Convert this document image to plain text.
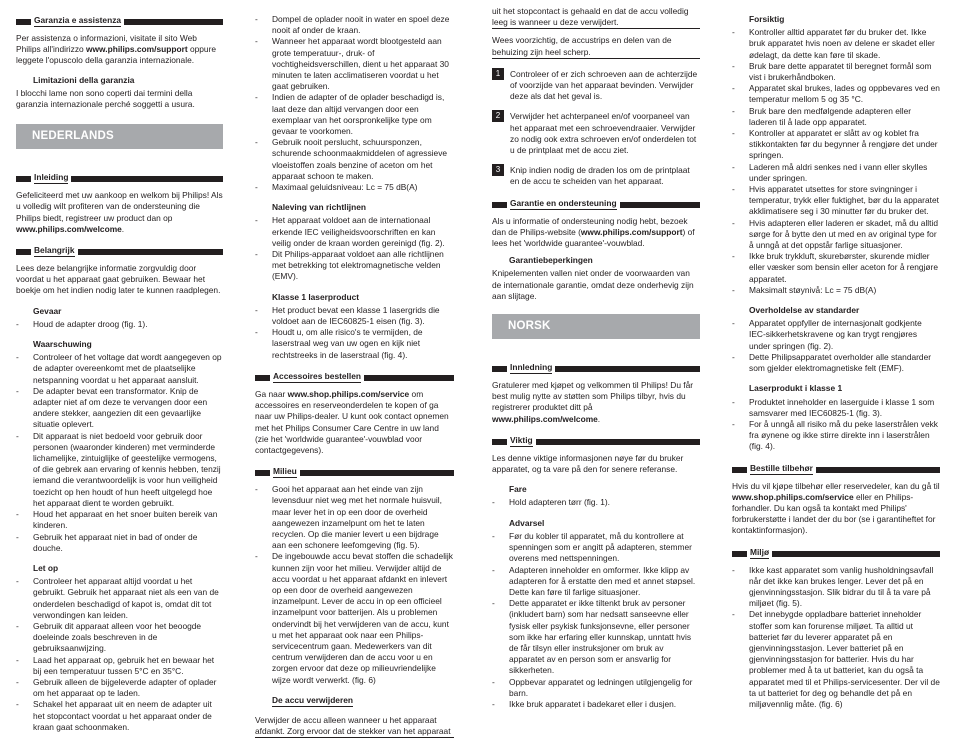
Garanzia e assistenza

Per assistenza o informazioni, visitate il sito Web Philips all'indirizzo www.philips.com/support oppure leggete l'opuscolo della garanzia internazionale.

Limitazioni della garanzia

I blocchi lame non sono coperti dai termini della garanzia internazionale perché soggetti a usura.

NEDERLANDS
Inleiding

Gefeliciteerd met uw aankoop en welkom bij Philips! Als u volledig wilt profiteren van de ondersteuning die Philips biedt, registreer uw product dan op www.philips.com/welcome.

Belangrijk

Lees deze belangrijke informatie zorgvuldig door voordat u het apparaat gaat gebruiken. Bewaar het boekje om het indien nodig later te kunnen raadplegen.

Gevaar
- Houd de adapter droog (fig. 1).
Waarschuwing
- Controleer of het voltage dat wordt aangegeven op de adapter overeenkomt met de plaatselijke netspanning voordat u het apparaat aansluit.
- De adapter bevat een transformator. Knip de adapter niet af om deze te vervangen door een andere stekker, aangezien dit een gevaarlijke situatie oplevert.
- Dit apparaat is niet bedoeld voor gebruik door personen (waaronder kinderen) met verminderde lichamelijke, zintuiglijke of geestelijke vermogens, of die gebrek aan ervaring of kennis hebben, tenzij iemand die verantwoordelijk is voor hun veiligheid toezicht op hen houdt of hun heeft uitgelegd hoe het apparaat dient te worden gebruikt.
- Houd het apparaat en het snoer buiten bereik van kinderen.
- Gebruik het apparaat niet in bad of onder de douche.
Let op
- Controleer het apparaat altijd voordat u het gebruikt. Gebruik het apparaat niet als een van de onderdelen beschadigd of kapot is, omdat dit tot verwondingen kan leiden.
- Gebruik dit apparaat alleen voor het beoogde doeleinde zoals beschreven in de gebruiksaanwijzing.
- Laad het apparaat op, gebruik het en bewaar het bij een temperatuur tussen 5°C en 35°C.
- Gebruik alleen de bijgeleverde adapter of oplader om het apparaat op te laden.
- Schakel het apparaat uit en neem de adapter uit het stopcontact voordat u het apparaat onder de kraan gaat schoonmaken.
- Dompel de oplader nooit in water en spoel deze nooit af onder de kraan.
- Wanneer het apparaat wordt blootgesteld aan grote temperatuur-, druk- of vochtigheidsverschillen, dient u het apparaat 30 minuten te laten acclimatiseren voordat u het gaat gebruiken.
- Indien de adapter of de oplader beschadigd is, laat deze dan altijd vervangen door een exemplaar van het oorspronkelijke type om gevaar te voorkomen.
- Gebruik nooit perslucht, schuursponzen, schurende schoonmaakmiddelen of agressieve vloeistoffen zoals benzine of aceton om het apparaat schoon te maken.
- Maximaal geluidsniveau: Lc = 75 dB(A)
Naleving van richtlijnen
- Het apparaat voldoet aan de internationaal erkende IEC veiligheidsvoorschriften en kan veilig onder de kraan worden gereinigd (fig. 2).
- Dit Philips-apparaat voldoet aan alle richtlijnen met betrekking tot elektromagnetische velden (EMV).
Klasse 1 laserproduct
- Het product bevat een klasse 1 lasergrids die voldoet aan de IEC60825-1 eisen (fig. 3).
- Houdt u, om alle risico's te vermijden, de laserstraal weg van uw ogen en kijk niet rechtstreeks in de laserstraal (fig. 4).
Accessoires bestellen

Ga naar www.shop.philips.com/service om accessoires en reserveonderdelen te kopen of ga naar uw Philips-dealer. U kunt ook contact opnemen met het Philips Consumer Care Centre in uw land (zie het 'worldwide guarantee'-vouwblad voor contactgegevens).

Milieu
- Gooi het apparaat aan het einde van zijn levensduur niet weg met het normale huisvuil, maar lever het in op een door de overheid aangewezen inzamelpunt om het te laten recyclen. Op die manier levert u een bijdrage aan een schonere leefomgeving (fig. 5).
- De ingebouwde accu bevat stoffen die schadelijk kunnen zijn voor het milieu. Verwijder altijd de accu voordat u het apparaat afdankt en inlevert op een door de overheid aangewezen inzamelpunt. Lever de accu in op een officieel inzamelpunt voor batterijen. Als u problemen ondervindt bij het verwijderen van de accu, kunt u met het apparaat ook naar een Philips-servicecentrum gaan. Medewerkers van dit centrum verwijderen dan de accu voor u en zorgen ervoor dat deze op milieuvriendelijke wijze wordt verwerkt. (fig. 6)
De accu verwijderen

Verwijder de accu alleen wanneer u het apparaat afdankt. Zorg ervoor dat de stekker van het apparaat

uit het stopcontact is gehaald en dat de accu volledig leeg is wanneer u deze verwijdert.

Wees voorzichtig, de accustrips en delen van de behuizing zijn heel scherp.

1	Controleer of er zich schroeven aan de achterzijde of voorzijde van het apparaat bevinden. Verwijder deze als dat het geval is.
2	Verwijder het achterpaneel en/of voorpaneel van het apparaat met een schroevendraaier. Verwijder zo nodig ook extra schroeven en/of onderdelen tot u de printplaat met de accu ziet.
3	Knip indien nodig de draden los om de printplaat en de accu te scheiden van het apparaat.
Garantie en ondersteuning

Als u informatie of ondersteuning nodig hebt, bezoek dan de Philips-website (www.philips.com/support) of lees het 'worldwide guarantee'-vouwblad.

Garantiebeperkingen

Knipelementen vallen niet onder de voorwaarden van de internationale garantie, omdat deze onderhevig zijn aan slijtage.

NORSK
Innledning

Gratulerer med kjøpet og velkommen til Philips! Du får best mulig nytte av støtten som Philips tilbyr, hvis du registrerer produktet ditt på www.philips.com/welcome.

Viktig

Les denne viktige informasjonen nøye før du bruker apparatet, og ta vare på den for senere referanse.

Fare
- Hold adapteren tørr (fig. 1).
Advarsel
- Før du kobler til apparatet, må du kontrollere at spenningen som er angitt på adapteren, stemmer overens med nettspenningen.
- Adapteren inneholder en omformer. Ikke klipp av adapteren for å erstatte den med et annet støpsel. Dette kan føre til farlige situasjoner.
- Dette apparatet er ikke tiltenkt bruk av personer (inkludert barn) som har nedsatt sanseevne eller fysisk eller psykisk funksjonsevne, eller personer som ikke har erfaring eller kunnskap, unntatt hvis de får tilsyn eller instruksjoner om bruk av apparatet av en person som er ansvarlig for sikkerheten.
- Oppbevar apparatet og ledningen utilgjengelig for barn.
- Ikke bruk apparatet i badekaret eller i dusjen.
Forsiktig
- Kontroller alltid apparatet før du bruker det. Ikke bruk apparatet hvis noen av delene er skadet eller ødelagt, da dette kan føre til skade.
- Bruk bare dette apparatet til beregnet formål som vist i brukerhåndboken.
- Apparatet skal brukes, lades og oppbevares ved en temperatur mellom 5 og 35 °C.
- Bruk bare den medfølgende adapteren eller laderen til å lade opp apparatet.
- Kontroller at apparatet er slått av og koblet fra stikkontakten før du begynner å rengjøre det under springen.
- Laderen må aldri senkes ned i vann eller skylles under springen.
- Hvis apparatet utsettes for store svingninger i temperatur, trykk eller fuktighet, bør du la apparatet akklimatisere seg i 30 minutter før du bruker det.
- Hvis adapteren eller laderen er skadet, må du alltid sørge for å bytte den ut med en av original type for å unngå at det oppstår farlige situasjoner.
- Ikke bruk trykkluft, skurebørster, skurende midler eller væsker som bensin eller aceton for å rengjøre apparatet.
- Maksimalt støynivå: Lc = 75 dB(A)
Overholdelse av standarder
- Apparatet oppfyller de internasjonalt godkjente IEC-sikkerhetskravene og kan trygt rengjøres under springen (fig. 2).
- Dette Philipsapparatet overholder alle standarder som gjelder elektromagnetiske felt (EMF).
Laserprodukt i klasse 1
- Produktet inneholder en laserguide i klasse 1 som samsvarer med IEC60825-1 (fig. 3).
- For å unngå all risiko må du peke laserstrålen vekk fra øynene og ikke stirre direkte inn i laserstrålen (fig. 4).
Bestille tilbehør

Hvis du vil kjøpe tilbehør eller reservedeler, kan du gå til www.shop.philips.com/service eller en Philips-forhandler. Du kan også ta kontakt med Philips' forbrukerstøtte i landet der du bor (se i garantiheftet for kontaktinformasjon).

Miljø
- Ikke kast apparatet som vanlig husholdningsavfall når det ikke kan brukes lenger. Lever det på en gjenvinningsstasjon. Slik bidrar du til å ta vare på miljøet (fig. 5).
- Det innebygde oppladbare batteriet inneholder stoffer som kan forurense miljøet. Ta alltid ut batteriet før du leverer apparatet på en gjenvinningsstasjon. Lever batteriet på en gjenvinningsstasjon for batterier. Hvis du har problemer med å ta ut batteriet, kan du også ta apparatet med til et Philips-servicesenter. Der vil de ta ut batteriet for deg og behandle det på en miljøvennlig måte. (fig. 6)
